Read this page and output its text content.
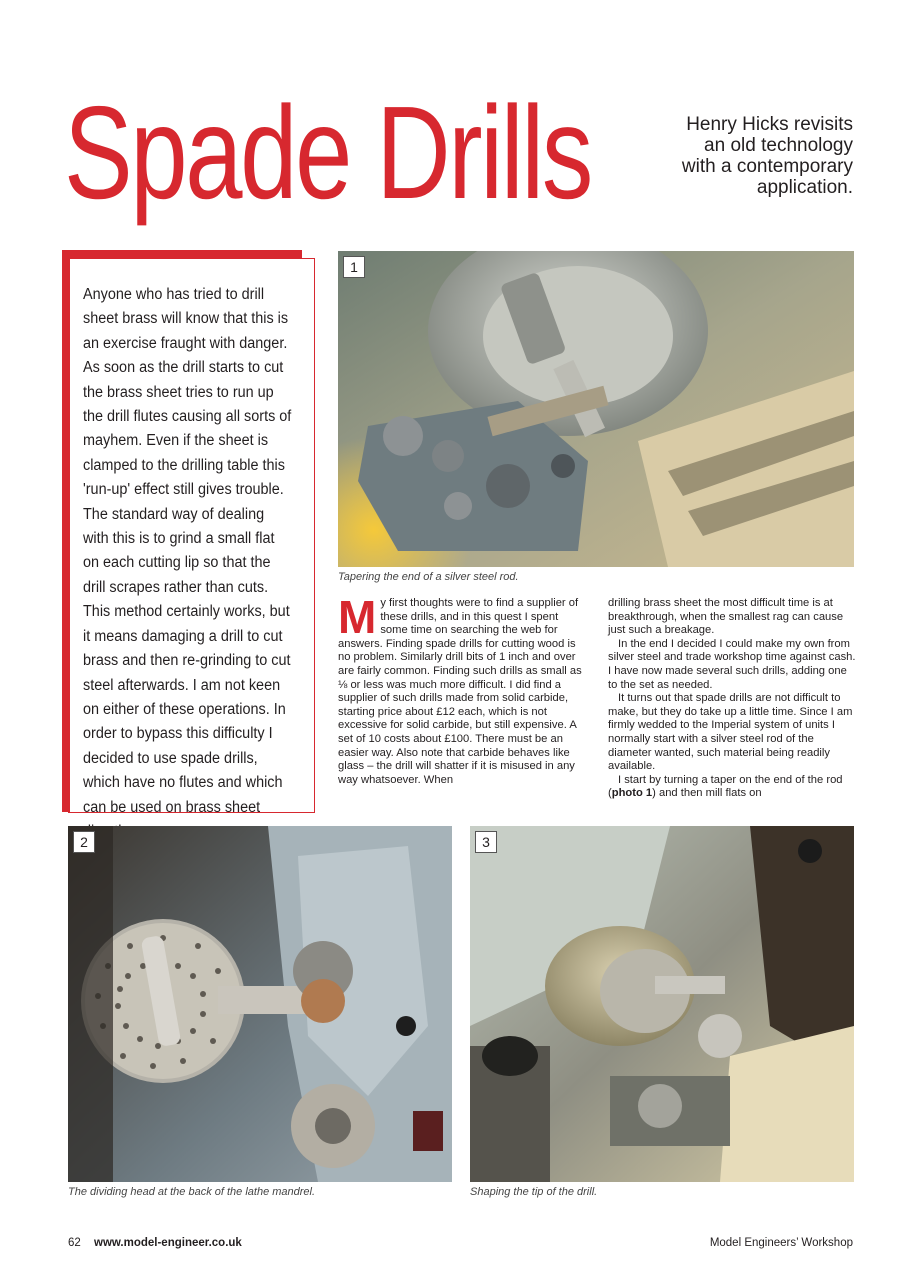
Spade Drills	Henry Hicks revisits
an old technology
with a contemporary
application.

Anyone who has tried to drill sheet brass will know that this is an exercise fraught with danger. As soon as the drill starts to cut the brass sheet tries to run up the drill flutes causing all sorts of mayhem. Even if the sheet is clamped to the drilling table this 'run-up' effect still gives trouble. The standard way of dealing with this is to grind a small flat on each cutting lip so that the drill scrapes rather than cuts. This method certainly works, but it means damaging a drill to cut brass and then re-grinding to cut steel afterwards. I am not keen on either of these operations. In order to bypass this difficulty I decided to use spade drills, which have no flutes and which can be used on brass sheet

1
Tapering the end of a silver steel rod.

My first thoughts were to find a supplier of these drills, and in this quest I spent some time on searching the web for answers. Finding spade drills for cutting wood is no problem. Similarly drill bits of 1 inch and over are fairly common. Finding such drills as small as ⅛ or less was much more difficult. I did find a supplier of such drills made from solid carbide, starting price about £12 each, which is not excessive for solid carbide, but still expensive. A set of 10 costs about £100. There must be an easier way. Also note that carbide behaves like glass – the drill will shatter if it is misused in any way whatsoever. When

drilling brass sheet the most difficult time is at breakthrough, when the smallest rag can cause just such a breakage.

In the end I decided I could make my own from silver steel and trade workshop time against cash. I have now made several such drills, adding one to the set as needed.

It turns out that spade drills are not difficult to make, but they do take up a little time. Since I am firmly wedded to the Imperial system of units I normally start with a silver steel rod of the diameter wanted, such material being readily available.

I start by turning a taper on the end of the rod (photo 1) and then mill flats on

2
The dividing head at the back of the lathe mandrel.
3
Shaping the tip of the drill.
62 www.model-engineer.co.uk	Model Engineers’ Workshop
